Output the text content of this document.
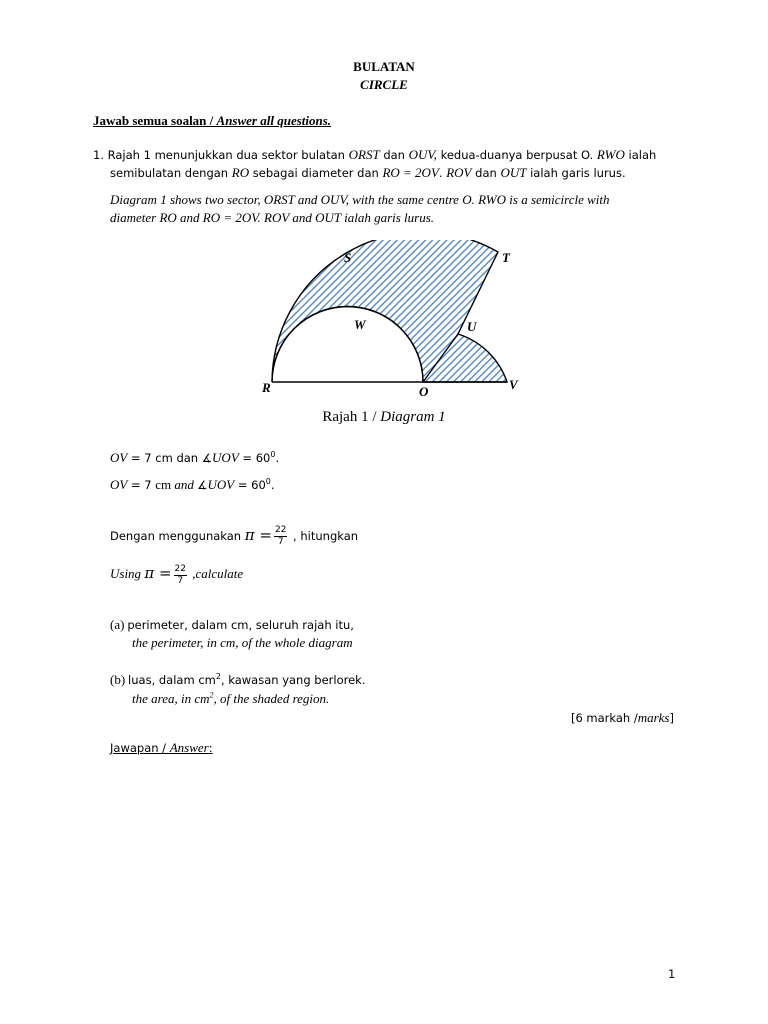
BULATAN
CIRCLE
Jawab semua soalan / Answer all questions.
1. Rajah 1 menunjukkan dua sektor bulatan ORST dan OUV, kedua-duanya berpusat O. RWO ialah
semibulatan dengan RO sebagai diameter dan RO = 2OV. ROV dan OUT ialah garis lurus.
Diagram 1 shows two sector, ORST and OUV, with the same centre O. RWO is a semicircle with
diameter RO and RO = 2OV. ROV and OUT ialah garis lurus.
S	T
W	U
R	O	V
Rajah 1 / Diagram 1
OV = 7 cm dan ∡UOV = $60^0$.
OV = 7 cm and ∡UOV = $60^0$.
Dengan menggunakan $\pi = \frac{22}{7}$ , hitungkan
Using $\pi = \frac{22}{7}$ ,calculate
(a) perimeter, dalam cm, seluruh rajah itu,
the perimeter, in cm, of the whole diagram
(b) luas, dalam $cm^2$, kawasan yang berlorek.
the area, in $cm^2$, of the shaded region.
[6 markah /marks]
Jawapan / Answer:
1
